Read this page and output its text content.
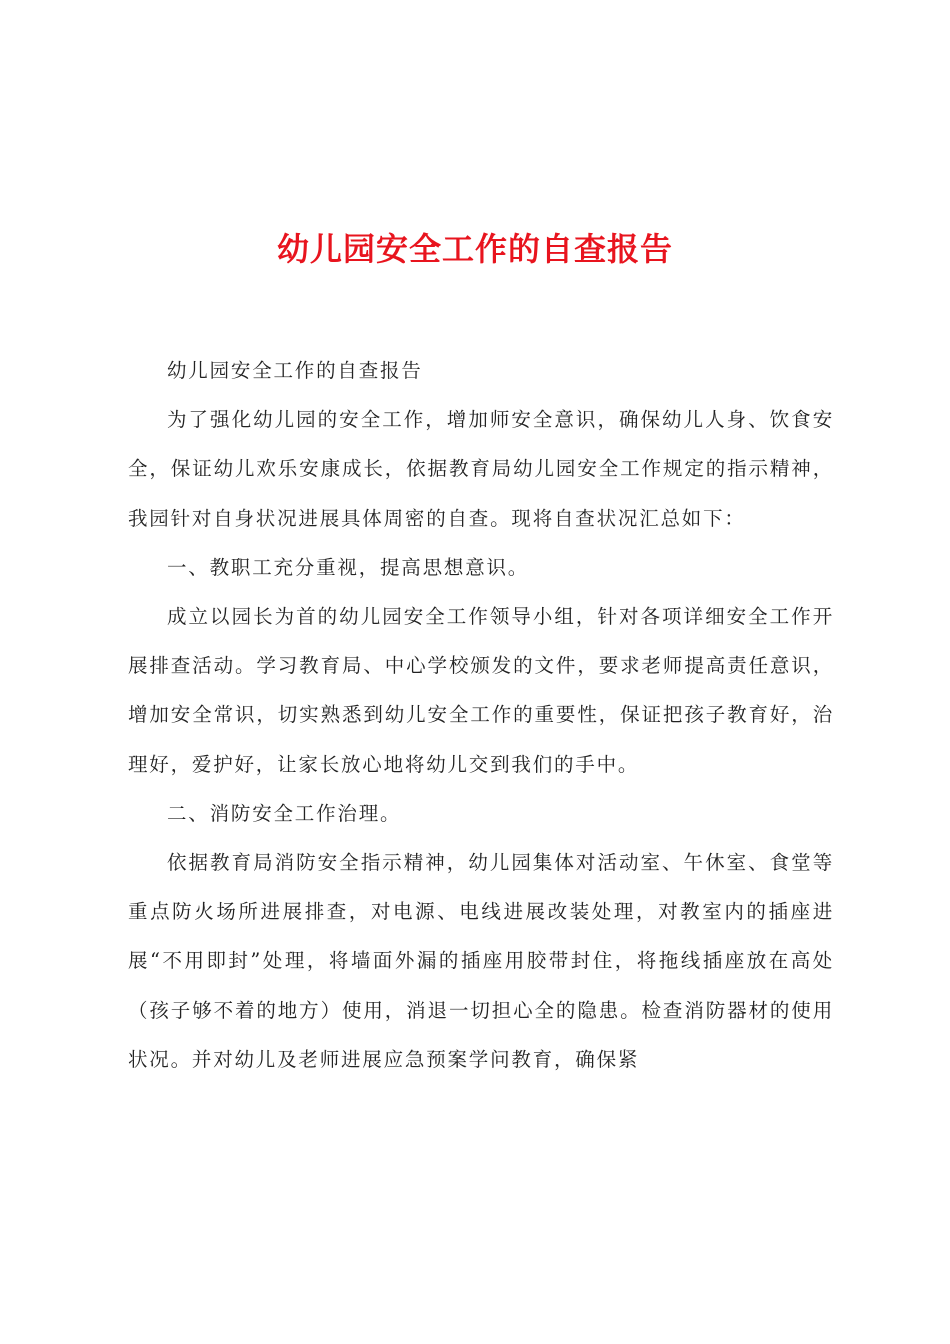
幼儿园安全工作的自查报告

幼儿园安全工作的自查报告

为了强化幼儿园的安全工作，增加师安全意识，确保幼儿人身、饮食安全，保证幼儿欢乐安康成长，依据教育局幼儿园安全工作规定的指示精神，我园针对自身状况进展具体周密的自查。现将自查状况汇总如下：

一、教职工充分重视，提高思想意识。

成立以园长为首的幼儿园安全工作领导小组，针对各项详细安全工作开展排查活动。学习教育局、中心学校颁发的文件，要求老师提高责任意识，增加安全常识，切实熟悉到幼儿安全工作的重要性，保证把孩子教育好，治理好，爱护好，让家长放心地将幼儿交到我们的手中。

二、消防安全工作治理。

依据教育局消防安全指示精神，幼儿园集体对活动室、午休室、食堂等重点防火场所进展排查，对电源、电线进展改装处理，对教室内的插座进展“不用即封”处理，将墙面外漏的插座用胶带封住，将拖线插座放在高处（孩子够不着的地方）使用，消退一切担心全的隐患。检查消防器材的使用状况。并对幼儿及老师进展应急预案学问教育，确保紧
